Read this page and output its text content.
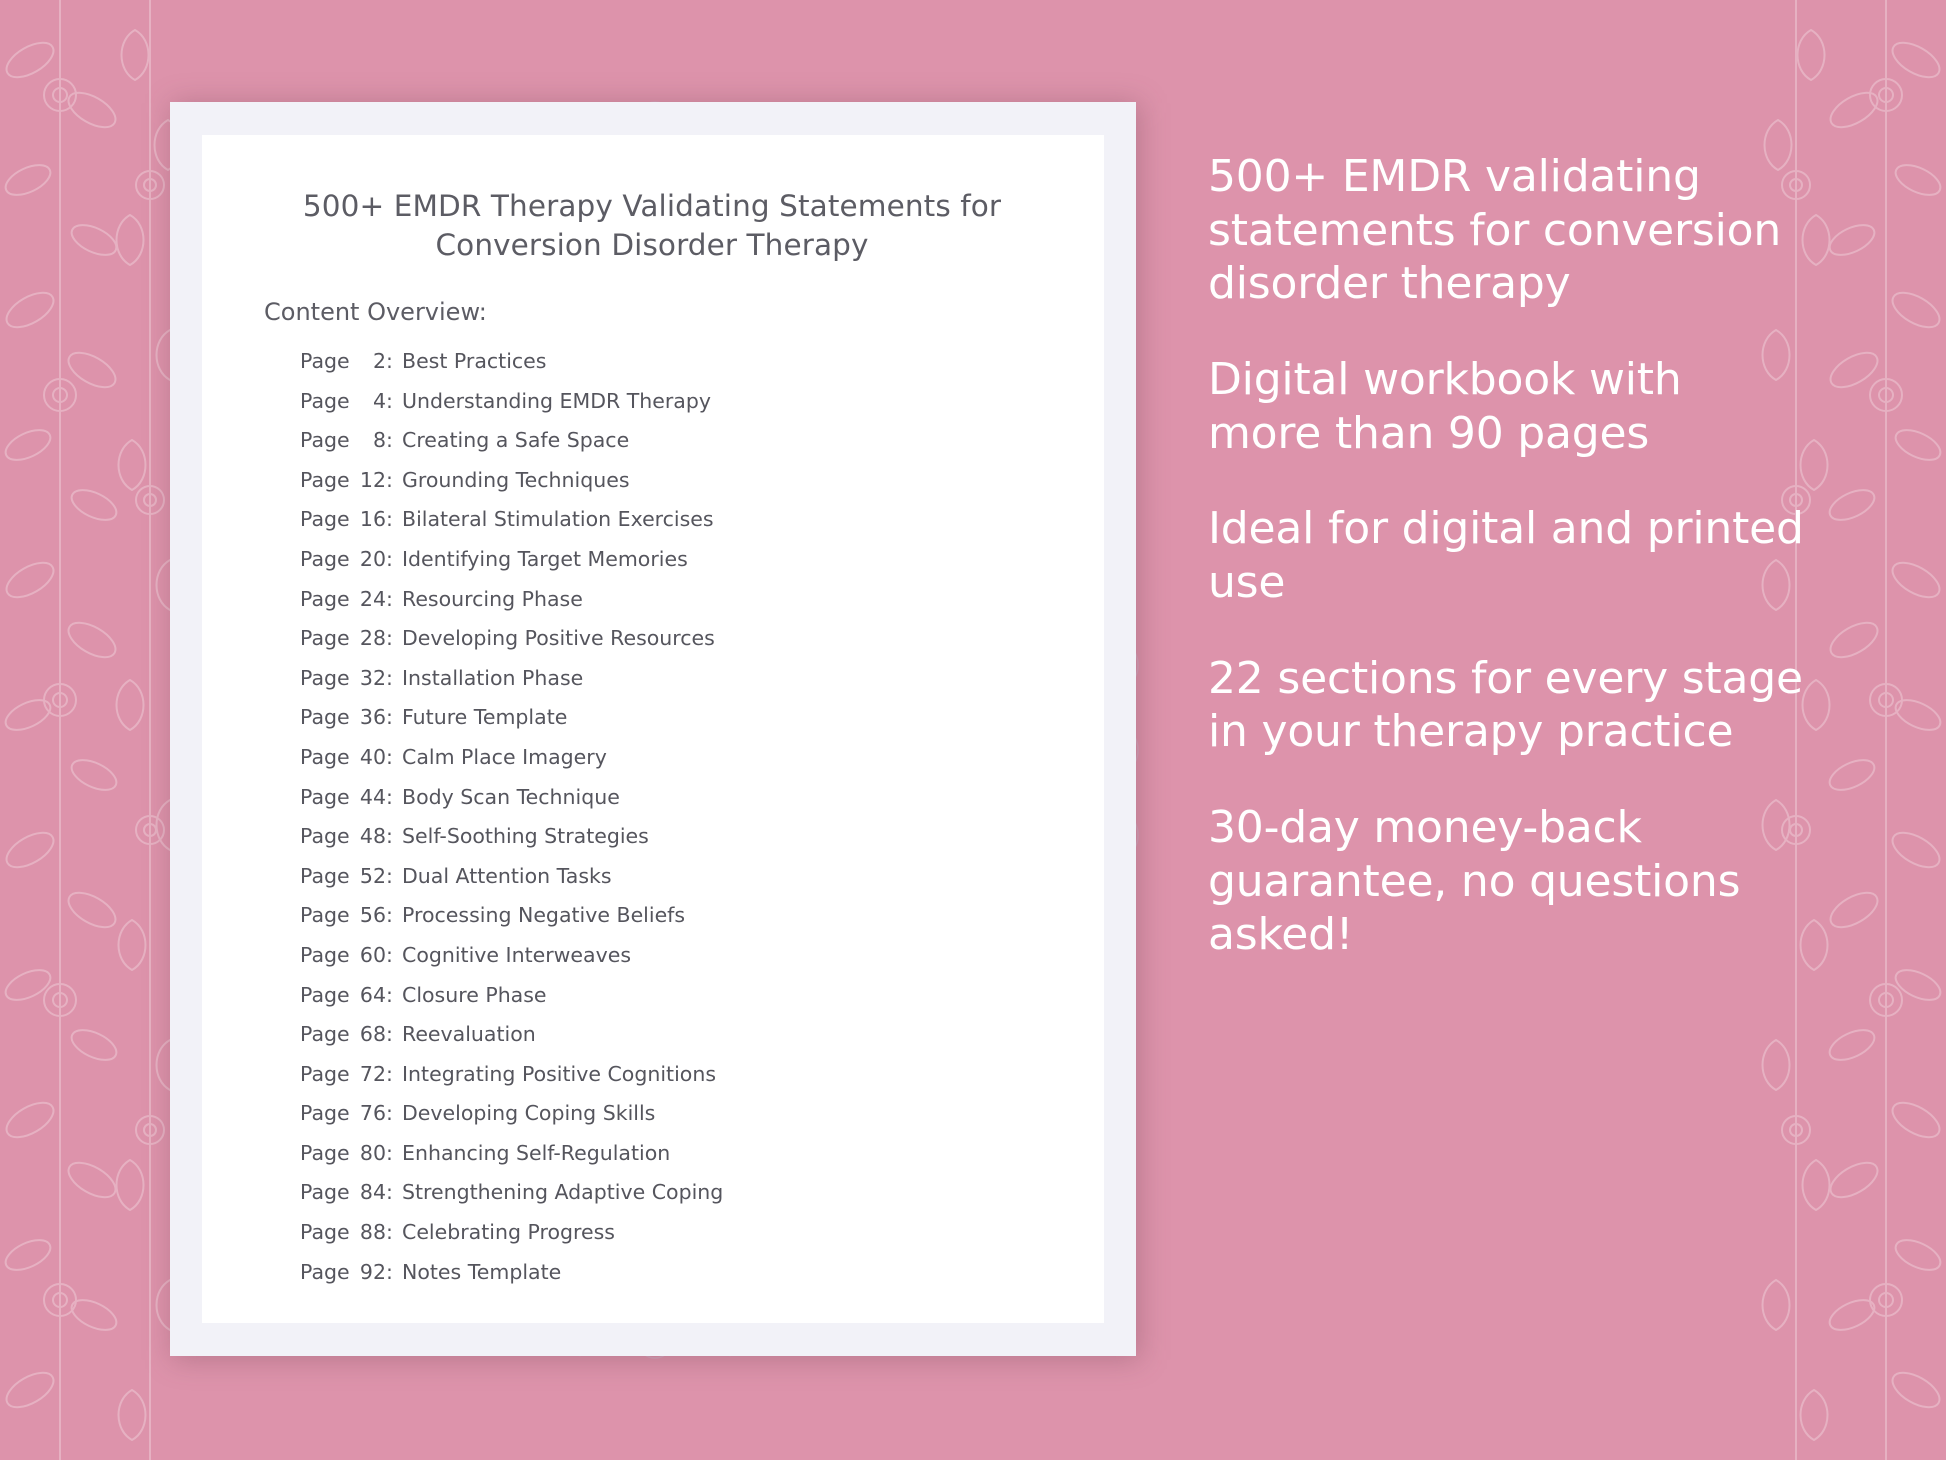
500+ EMDR Therapy Validating Statements for Conversion Disorder Therapy
Content Overview:
Page	2 : Best Practices
Page	4 : Understanding EMDR Therapy
Page	8 : Creating a Safe Space
Page 12 : Grounding Techniques
Page 16 : Bilateral Stimulation Exercises
Page 20 : Identifying Target Memories
Page 24 : Resourcing Phase
Page 28 : Developing Positive Resources
Page 32 : Installation Phase
Page 36 : Future Template
Page 40 : Calm Place Imagery
Page 44 : Body Scan Technique
Page 48 : Self-Soothing Strategies
Page 52 : Dual Attention Tasks
Page 56 : Processing Negative Beliefs
Page 60 : Cognitive Interweaves
Page 64 : Closure Phase
Page 68 : Reevaluation
Page 72 : Integrating Positive Cognitions
Page 76 : Developing Coping Skills
Page 80 : Enhancing Self-Regulation
Page 84 : Strengthening Adaptive Coping
Page 88 : Celebrating Progress
Page 92 : Notes Template
500+ EMDR validating statements for conversion disorder therapy
Digital workbook with more than 90 pages
Ideal for digital and printed use
22 sections for every stage in your therapy practice
30-day money-back guarantee, no questions asked!
